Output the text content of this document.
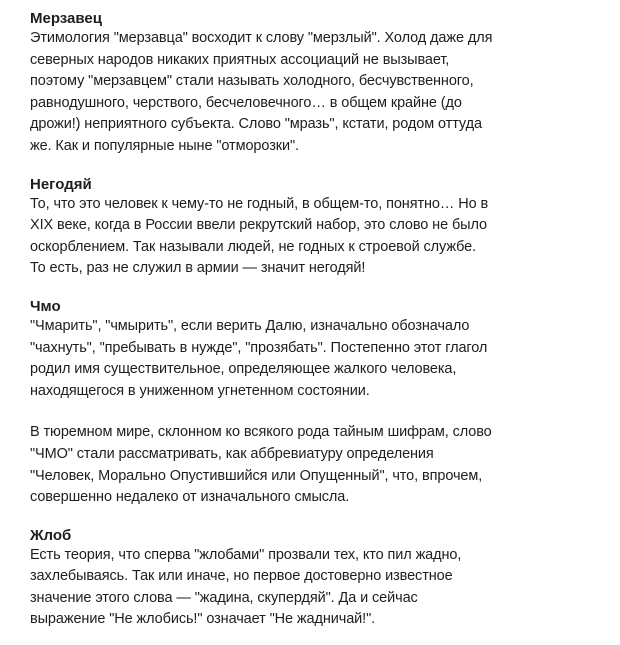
Мерзавец

Этимология "мерзавца" восходит к слову "мерзлый". Холод даже для
северных народов никаких приятных ассоциаций не вызывает,
поэтому "мерзавцем" стали называть холодного, бесчувственного,
равнодушного, черствого, бесчеловечного… в общем крайне (до
дрожи!) неприятного субъекта. Слово "мразь", кстати, родом оттуда
же. Как и популярные ныне "отморозки".

Негодяй

То, что это человек к чему-то не годный, в общем-то, понятно… Но в
XIX веке, когда в России ввели рекрутский набор, это слово не было
оскорблением. Так называли людей, не годных к строевой службе.
То есть, раз не служил в армии — значит негодяй!

Чмо

"Чмарить", "чмырить", если верить Далю, изначально обозначало
"чахнуть", "пребывать в нужде", "прозябать". Постепенно этот глагол
родил имя существительное, определяющее жалкого человека,
находящегося в униженном угнетенном состоянии.

В тюремном мире, склонном ко всякого рода тайным шифрам, слово
"ЧМО" стали рассматривать, как аббревиатуру определения
"Человек, Морально Опустившийся или Опущенный", что, впрочем,
совершенно недалеко от изначального смысла.

Жлоб

Есть теория, что сперва "жлобами" прозвали тех, кто пил жадно,
захлебываясь. Так или иначе, но первое достоверно известное
значение этого слова — "жадина, скупердяй". Да и сейчас
выражение "Не жлобись!" означает "Не жадничай!".
